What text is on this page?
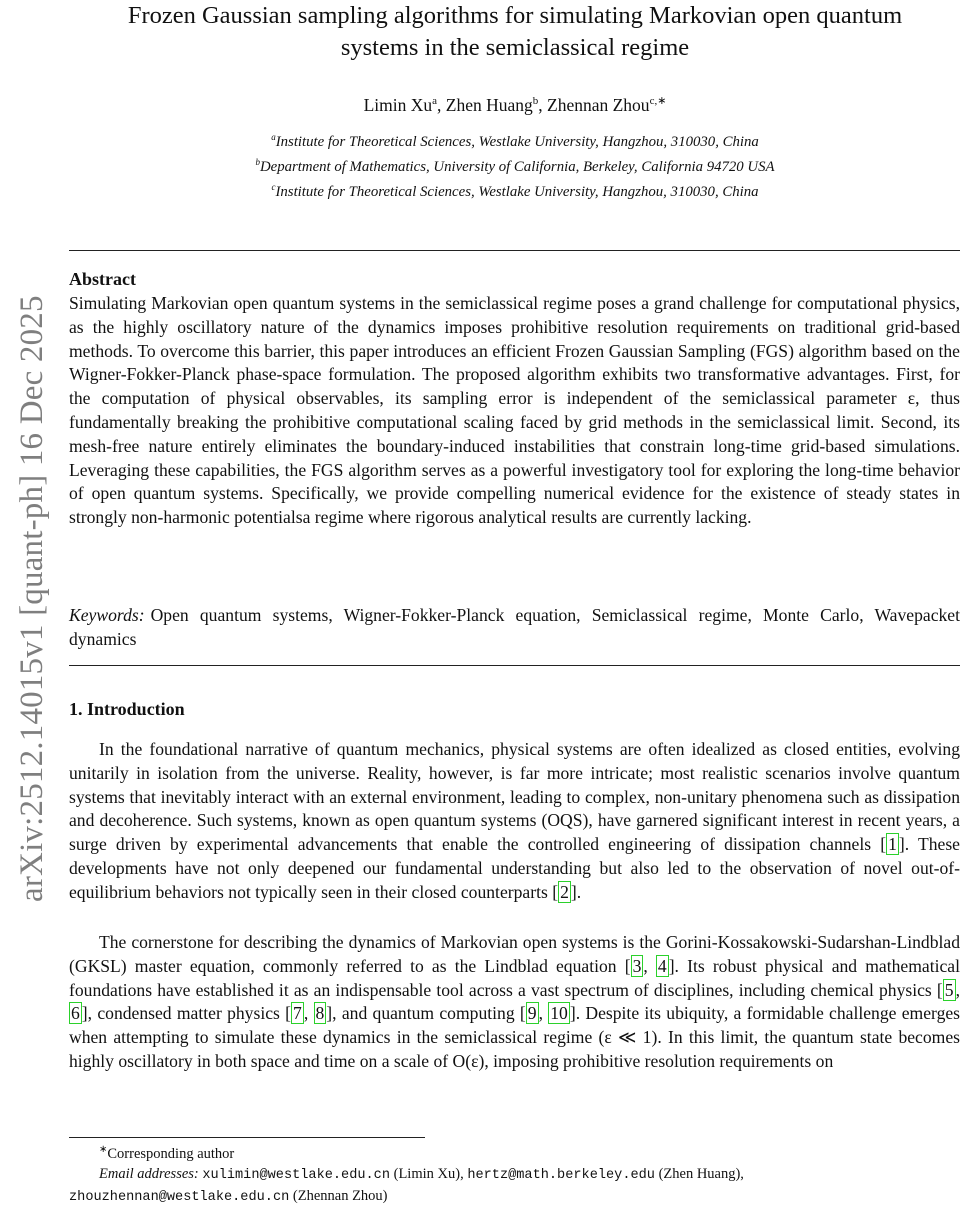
arXiv:2512.14015v1 [quant-ph] 16 Dec 2025
Frozen Gaussian sampling algorithms for simulating Markovian open quantum
systems in the semiclassical regime
Limin Xu$^a$, Zhen Huang$^b$, Zhennan Zhou$^{c,∗}$
$^a$Institute for Theoretical Sciences, Westlake University, Hangzhou, 310030, China
$^b$Department of Mathematics, University of California, Berkeley, California 94720 USA
$^c$Institute for Theoretical Sciences, Westlake University, Hangzhou, 310030, China
Abstract
Simulating Markovian open quantum systems in the semiclassical regime poses a grand challenge for computational physics, as the highly oscillatory nature of the dynamics imposes prohibitive resolution requirements on traditional grid-based methods. To overcome this barrier, this paper introduces an efficient Frozen Gaussian Sampling (FGS) algorithm based on the Wigner-Fokker-Planck phase-space formulation. The proposed algorithm exhibits two transformative advantages. First, for the computation of physical observables, its sampling error is independent of the semiclassical parameter ε, thus fundamentally breaking the prohibitive computational scaling faced by grid methods in the semiclassical limit. Second, its mesh-free nature entirely eliminates the boundary-induced instabilities that constrain long-time grid-based simulations. Leveraging these capabilities, the FGS algorithm serves as a powerful investigatory tool for exploring the long-time behavior of open quantum systems. Specifically, we provide compelling numerical evidence for the existence of steady states in strongly non-harmonic potentialsa regime where rigorous analytical results are currently lacking.
Keywords: Open quantum systems, Wigner-Fokker-Planck equation, Semiclassical regime, Monte Carlo, Wavepacket dynamics
1. Introduction
In the foundational narrative of quantum mechanics, physical systems are often idealized as closed entities, evolving unitarily in isolation from the universe. Reality, however, is far more intricate; most realistic scenarios involve quantum systems that inevitably interact with an external environment, leading to complex, non-unitary phenomena such as dissipation and decoherence. Such systems, known as open quantum systems (OQS), have garnered significant interest in recent years, a surge driven by experimental advancements that enable the controlled engineering of dissipation channels [ 1 ]. These developments have not only deepened our fundamental understanding but also led to the observation of novel out-of-equilibrium behaviors not typically seen in their closed counterparts [ 2 ].
The cornerstone for describing the dynamics of Markovian open systems is the Gorini-Kossakowski-Sudarshan-Lindblad (GKSL) master equation, commonly referred to as the Lindblad equation [ 3 , 4 ]. Its robust physical and mathematical foundations have established it as an indispensable tool across a vast spectrum of disciplines, including chemical physics [ 5 , 6 ], condensed matter physics [ 7 , 8 ], and quantum computing [ 9 , 10 ]. Despite its ubiquity, a formidable challenge emerges when attempting to simulate these dynamics in the semiclassical regime (ε ≪ 1). In this limit, the quantum state becomes highly oscillatory in both space and time on a scale of O(ε), imposing prohibitive resolution requirements on
∗Corresponding author
Email addresses: xulimin@westlake.edu.cn (Limin Xu), hertz@math.berkeley.edu (Zhen Huang),
zhouzhennan@westlake.edu.cn (Zhennan Zhou)
